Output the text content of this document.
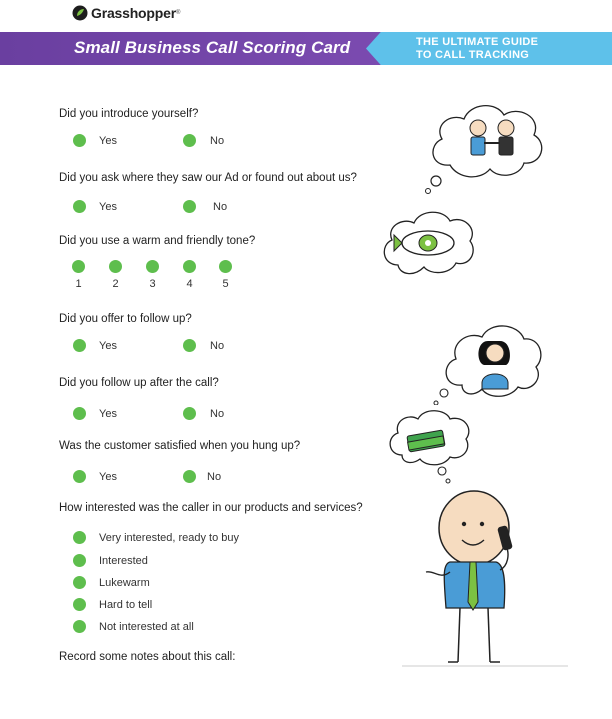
Grasshopper ®
Small Business Call Scoring Card	THE ULTIMATE GUIDE
TO CALL TRACKING
Did you introduce yourself?
Yes	No
Did you ask where they saw our Ad or found out about us?
Yes	No
Did you use a warm and friendly tone?
1	2	3	4	5
Did you offer to follow up?
Yes	No
Did you follow up after the call?
Yes	No
Was the customer satisfied when you hung up?
Yes	No
How interested was the caller in our products and services?
Very interested, ready to buy
Interested
Lukewarm
Hard to tell
Not interested at all
Record some notes about this call:
